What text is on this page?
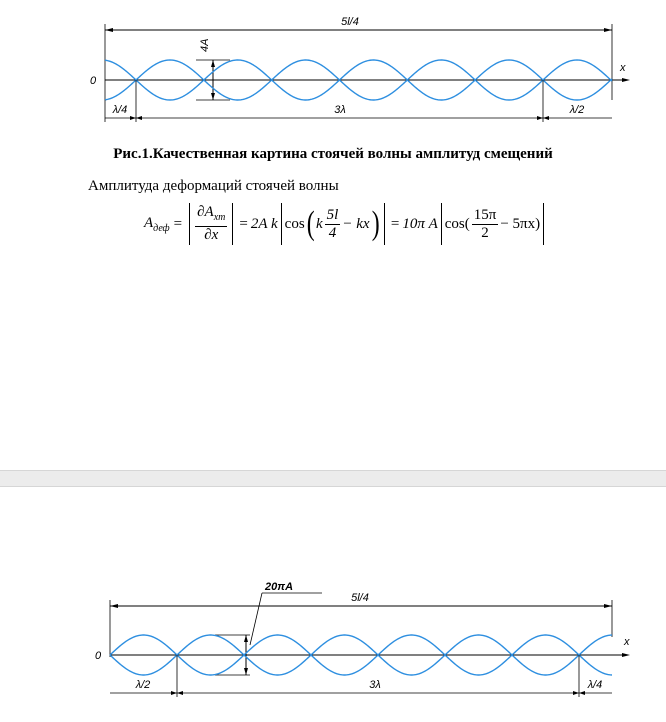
5l/4
x
0
4A
λ/4	3λ	λ/2
Рис.1.Качественная картина стоячей волны амплитуд смещений
Амплитуда деформаций стоячей волны
$A_{деф} = \frac{\partial A_{xm}}{\partial x} = 2A$ k cos ( k $\frac{5l}{4}$ − kx ) = 10π A $\cos( \frac{15\pi}{2} - 5\pi x)$
20πA
5l/4
x
0
λ/2	3λ	λ/4
